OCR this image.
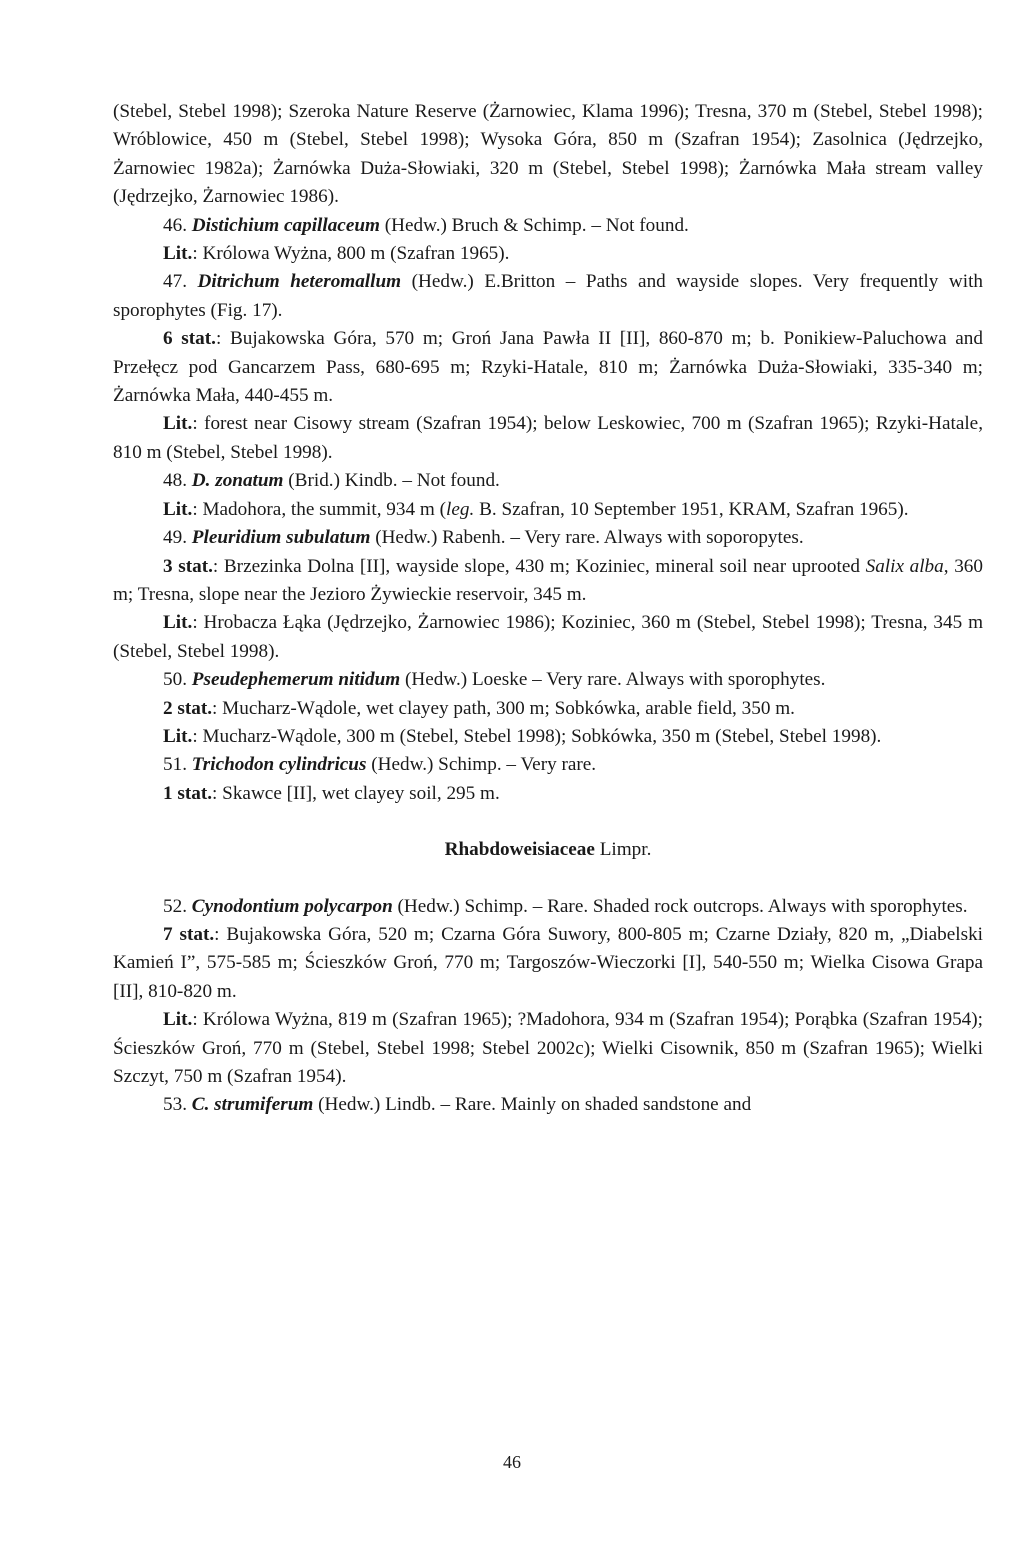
(Stebel, Stebel 1998); Szeroka Nature Reserve (Żarnowiec, Klama 1996); Tresna, 370 m (Stebel, Stebel 1998); Wróblowice, 450 m (Stebel, Stebel 1998); Wysoka Góra, 850 m (Szafran 1954); Zasolnica (Jędrzejko, Żarnowiec 1982a); Żarnówka Duża-Słowiaki, 320 m (Stebel, Stebel 1998); Żarnówka Mała stream valley (Jędrzejko, Żarnowiec 1986).

46. Distichium capillaceum (Hedw.) Bruch & Schimp. – Not found.

Lit.: Królowa Wyżna, 800 m (Szafran 1965).

47. Ditrichum heteromallum (Hedw.) E.Britton – Paths and wayside slopes. Very frequently with sporophytes (Fig. 17).

6 stat.: Bujakowska Góra, 570 m; Groń Jana Pawła II [II], 860-870 m; b. Ponikiew-Paluchowa and Przełęcz pod Gancarzem Pass, 680-695 m; Rzyki-Hatale, 810 m; Żarnówka Duża-Słowiaki, 335-340 m; Żarnówka Mała, 440-455 m.

Lit.: forest near Cisowy stream (Szafran 1954); below Leskowiec, 700 m (Szafran 1965); Rzyki-Hatale, 810 m (Stebel, Stebel 1998).

48. D. zonatum (Brid.) Kindb. – Not found.

Lit.: Madohora, the summit, 934 m (leg. B. Szafran, 10 September 1951, KRAM, Szafran 1965).

49. Pleuridium subulatum (Hedw.) Rabenh. – Very rare. Always with soporopytes.

3 stat.: Brzezinka Dolna [II], wayside slope, 430 m; Koziniec, mineral soil near uprooted Salix alba, 360 m; Tresna, slope near the Jezioro Żywieckie reservoir, 345 m.

Lit.: Hrobacza Łąka (Jędrzejko, Żarnowiec 1986); Koziniec, 360 m (Stebel, Stebel 1998); Tresna, 345 m (Stebel, Stebel 1998).

50. Pseudephemerum nitidum (Hedw.) Loeske – Very rare. Always with sporophytes.

2 stat.: Mucharz-Wądole, wet clayey path, 300 m; Sobkówka, arable field, 350 m.

Lit.: Mucharz-Wądole, 300 m (Stebel, Stebel 1998); Sobkówka, 350 m (Stebel, Stebel 1998).

51. Trichodon cylindricus (Hedw.) Schimp. – Very rare.

1 stat.: Skawce [II], wet clayey soil, 295 m.

Rhabdoweisiaceae Limpr.

52. Cynodontium polycarpon (Hedw.) Schimp. – Rare. Shaded rock outcrops. Always with sporophytes.

7 stat.: Bujakowska Góra, 520 m; Czarna Góra Suwory, 800-805 m; Czarne Działy, 820 m, „Diabelski Kamień I”, 575-585 m; Ścieszków Groń, 770 m; Targoszów-Wieczorki [I], 540-550 m; Wielka Cisowa Grapa [II], 810-820 m.

Lit.: Królowa Wyżna, 819 m (Szafran 1965); ?Madohora, 934 m (Szafran 1954); Porąbka (Szafran 1954); Ścieszków Groń, 770 m (Stebel, Stebel 1998; Stebel 2002c); Wielki Cisownik, 850 m (Szafran 1965); Wielki Szczyt, 750 m (Szafran 1954).

53. C. strumiferum (Hedw.) Lindb. – Rare. Mainly on shaded sandstone and

46
